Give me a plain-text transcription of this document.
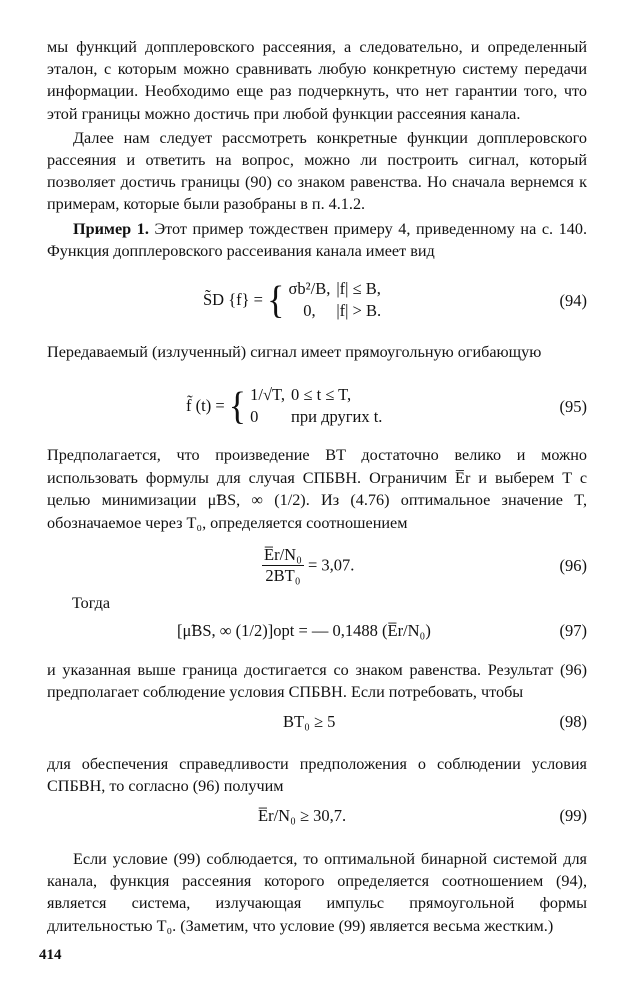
мы функций допплеровского рассеяния, а следовательно, и определенный эталон, с которым можно сравнивать любую конкретную систему передачи информации. Необходимо еще раз подчеркнуть, что нет гарантии того, что этой границы можно достичь при любой функции рассеяния канала.

Далее нам следует рассмотреть конкретные функции допплеровского рассеяния и ответить на вопрос, можно ли построить сигнал, который позволяет достичь границы (90) со знаком равенства. Но сначала вернемся к примерам, которые были разобраны в п. 4.1.2.

Пример 1. Этот пример тождествен примеру 4, приведенному на с. 140. Функция допплеровского рассеивания канала имеет вид

S̃D {f} = { σb²/B,	|f| ≤ B,
0,	|f| > B.
(94)

Передаваемый (излученный) сигнал имеет прямоугольную огибающую

f̃ (t) = { 1/√T,	0 ≤ t ≤ T,
0	при других t.
(95)

Предполагается, что произведение BT достаточно велико и можно использовать формулы для случая СПБВН. Ограничим E̅r и выберем T с целью минимизации μ̃BS, ∞ (1/2). Из (4.76) оптимальное значение T, обозначаемое через T₀, определяется соотношением

$\frac{\text{E̅r/N₀}}{\text{2BT₀}} = 3,07$.	(96)

Тогда

[μ̃BS, ∞ (1/2)]opt = — 0,1488 (E̅r/N₀)	(97)

и указанная выше граница достигается со знаком равенства. Результат (96) предполагает соблюдение условия СПБВН. Если потребовать, чтобы

BT₀ ≥ 5	(98)

для обеспечения справедливости предположения о соблюдении условия СПБВН, то согласно (96) получим

E̅r/N₀ ≥ 30,7.	(99)

Если условие (99) соблюдается, то оптимальной бинарной системой для канала, функция рассеяния которого определяется соотношением (94), является система, излучающая импульс прямоугольной формы длительностью T₀. (Заметим, что условие (99) является весьма жестким.)

414
